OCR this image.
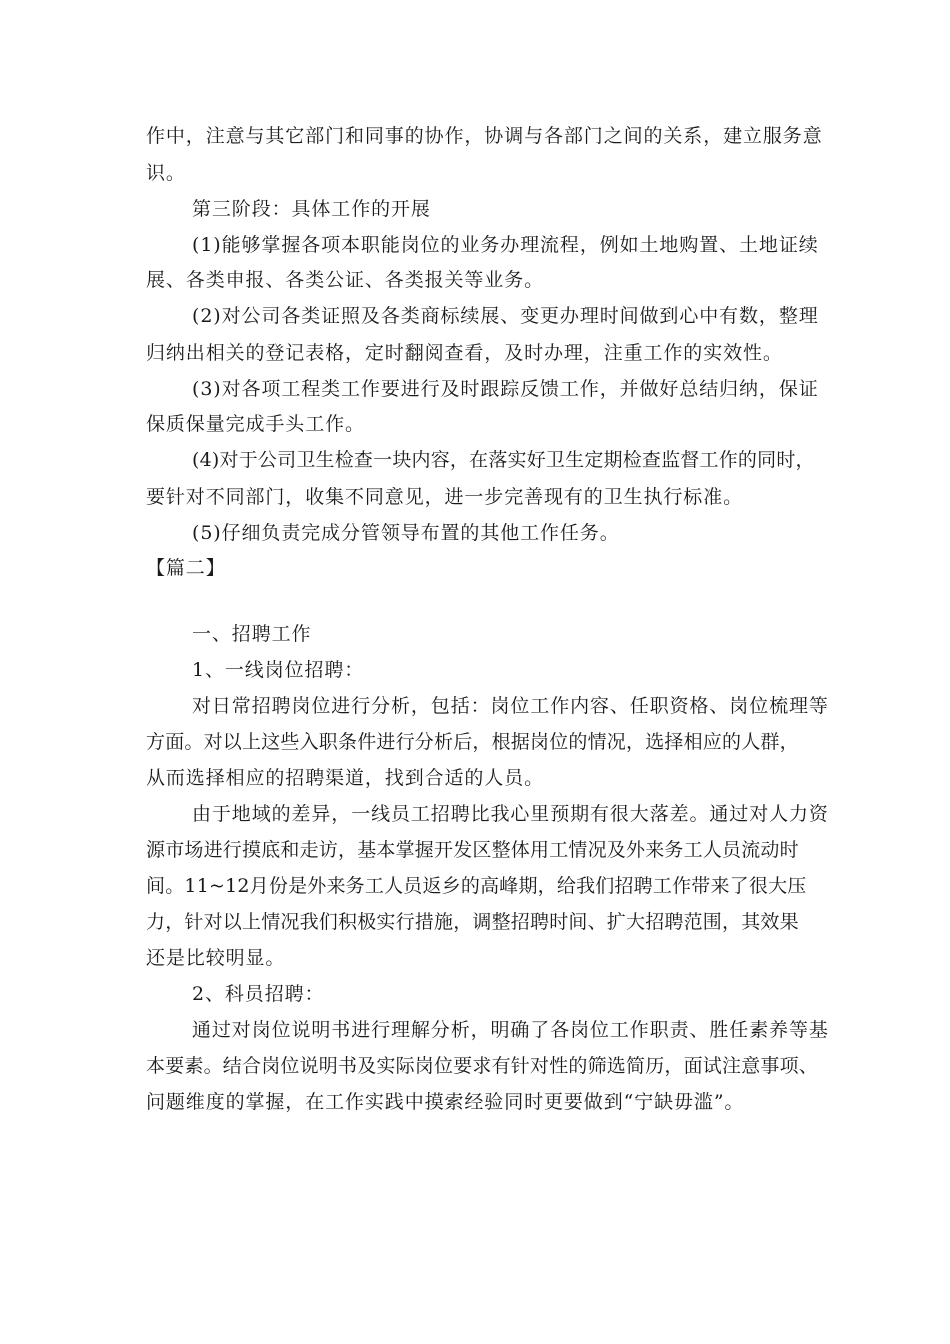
作中，注意与其它部门和同事的协作，协调与各部门之间的关系，建立服务意
识。
第三阶段：具体工作的开展
(1)能够掌握各项本职能岗位的业务办理流程，例如土地购置、土地证续
展、各类申报、各类公证、各类报关等业务。
(2)对公司各类证照及各类商标续展、变更办理时间做到心中有数，整理
归纳出相关的登记表格，定时翻阅查看，及时办理，注重工作的实效性。
(3)对各项工程类工作要进行及时跟踪反馈工作，并做好总结归纳，保证
保质保量完成手头工作。
(4)对于公司卫生检查一块内容，在落实好卫生定期检查监督工作的同时，
要针对不同部门，收集不同意见，进一步完善现有的卫生执行标准。
(5)仔细负责完成分管领导布置的其他工作任务。
【篇二】
一、招聘工作
1、一线岗位招聘：
对日常招聘岗位进行分析，包括：岗位工作内容、任职资格、岗位梳理等
方面。对以上这些入职条件进行分析后，根据岗位的情况，选择相应的人群，
从而选择相应的招聘渠道，找到合适的人员。
由于地域的差异，一线员工招聘比我心里预期有很大落差。通过对人力资
源市场进行摸底和走访，基本掌握开发区整体用工情况及外来务工人员流动时
间。11~12月份是外来务工人员返乡的高峰期，给我们招聘工作带来了很大压
力，针对以上情况我们积极实行措施，调整招聘时间、扩大招聘范围，其效果
还是比较明显。
2、科员招聘：
通过对岗位说明书进行理解分析，明确了各岗位工作职责、胜任素养等基
本要素。结合岗位说明书及实际岗位要求有针对性的筛选简历，面试注意事项、
问题维度的掌握，在工作实践中摸索经验同时更要做到“宁缺毋滥”。
